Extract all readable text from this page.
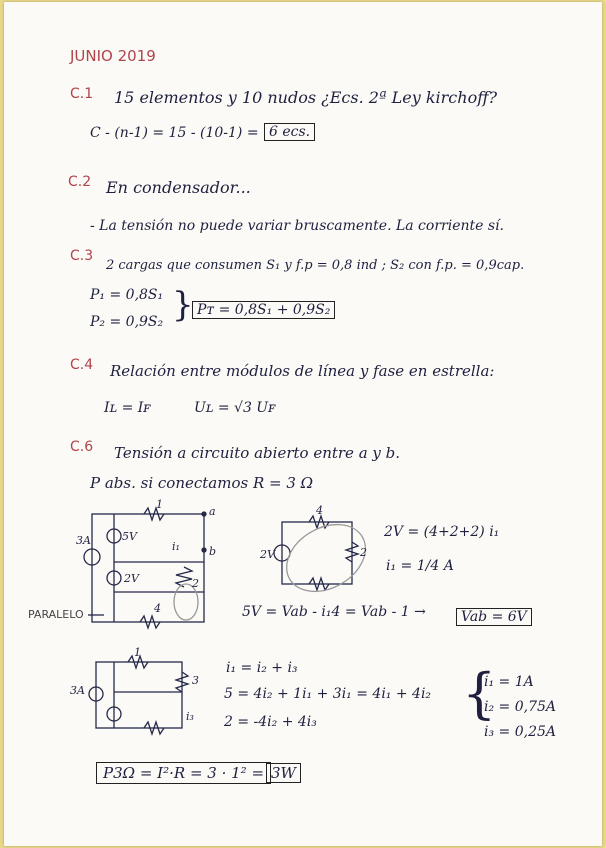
JUNIO 2019
C.1 15 elementos y 10 nudos ¿Ecs. 2ª Ley kirchoff?
C - (n-1) = 15 - (10-1) = 6 ecs.
C.2 En condensador...
- La tensión no puede variar bruscamente. La corriente sí.
C.3
2 cargas que consumen S₁ y f.p = 0,8 ind ; S₂ con f.p. = 0,9cap.
P₁ = 0,8S₁
P₂ = 0,9S₂ } Pᴛ = 0,8S₁ + 0,9S₂
C.4 Relación entre módulos de línea y fase en estrella:
Iʟ = Iꜰ	Uʟ = √3 Uꜰ
C.6 Tensión a circuito abierto entre a y b.
P abs. si conectamos R = 3 Ω
3A	5V
2V
1
2
4
a
b
i₁
2V
4
2
3A
1
3
i₃
PARALELO
2V = (4+2+2) i₁
i₁ = 1/4 A
5V = Vab - i₁4 = Vab - 1 →	Vab = 6V
i₁ = i₂ + i₃
5 = 4i₂ + 1i₁ + 3i₁ = 4i₁ + 4i₂
2 = -4i₂ + 4i₃	{
i₁ = 1A
i₂ = 0,75A
i₃ = 0,25A
P3Ω = I²·R = 3 · 1² = 3W
